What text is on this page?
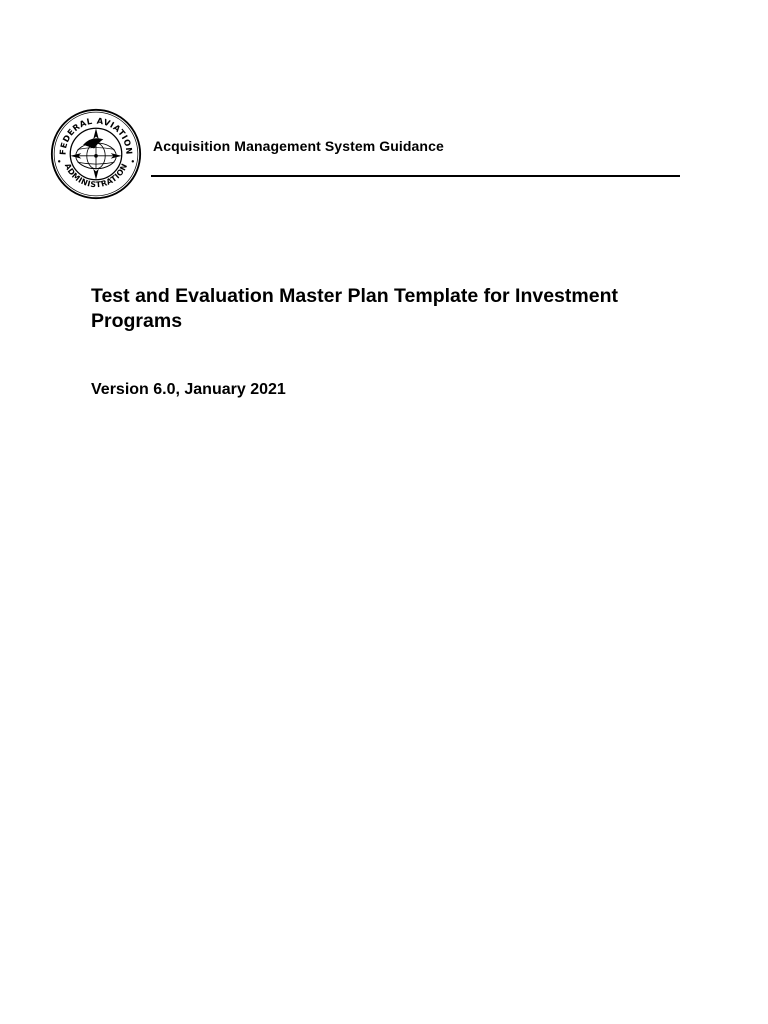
FEDERAL AVIATION
ADMINISTRATION
Acquisition Management System Guidance
Test and Evaluation Master Plan Template for Investment Programs
Version 6.0, January 2021
